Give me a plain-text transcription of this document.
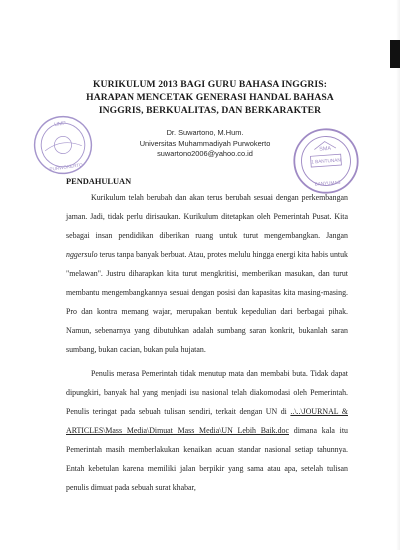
UMP
PURWOKERTO
SMA
1 BANTUNAN
BANYUMAS
KURIKULUM 2013 BAGI GURU BAHASA INGGRIS:
HARAPAN MENCETAK GENERASI HANDAL BAHASA
INGGRIS, BERKUALITAS, DAN BERKARAKTER
Dr. Suwartono, M.Hum.
Universitas Muhammadiyah Purwokerto
suwartono2006@yahoo.co.id
PENDAHULUAN

Kurikulum telah berubah dan akan terus berubah sesuai dengan perkembangan jaman. Jadi, tidak perlu dirisaukan. Kurikulum ditetapkan oleh Pemerintah Pusat. Kita sebagai insan pendidikan diberikan ruang untuk turut mengembangkan. Jangan nggersulo terus tanpa banyak berbuat. Atau, protes melulu hingga energi kita habis untuk "melawan". Justru diharapkan kita turut mengkritisi, memberikan masukan, dan turut membantu mengembangkannya sesuai dengan posisi dan kapasitas kita masing-masing. Pro dan kontra memang wajar, merupakan bentuk kepedulian dari berbagai pihak. Namun, sebenarnya yang dibutuhkan adalah sumbang saran konkrit, bukanlah saran sumbang, bukan cacian, bukan pula hujatan.

Penulis merasa Pemerintah tidak menutup mata dan membabi buta. Tidak dapat dipungkiri, banyak hal yang menjadi isu nasional telah diakomodasi oleh Pemerintah. Penulis teringat pada sebuah tulisan sendiri, terkait dengan UN di ..\..\JOURNAL & ARTICLES\Mass Media\Dimuat Mass Media\UN Lebih Baik.doc dimana kala itu Pemerintah masih memberlakukan kenaikan acuan standar nasional setiap tahunnya. Entah kebetulan karena memiliki jalan berpikir yang sama atau apa, setelah tulisan penulis dimuat pada sebuah surat khabar,
